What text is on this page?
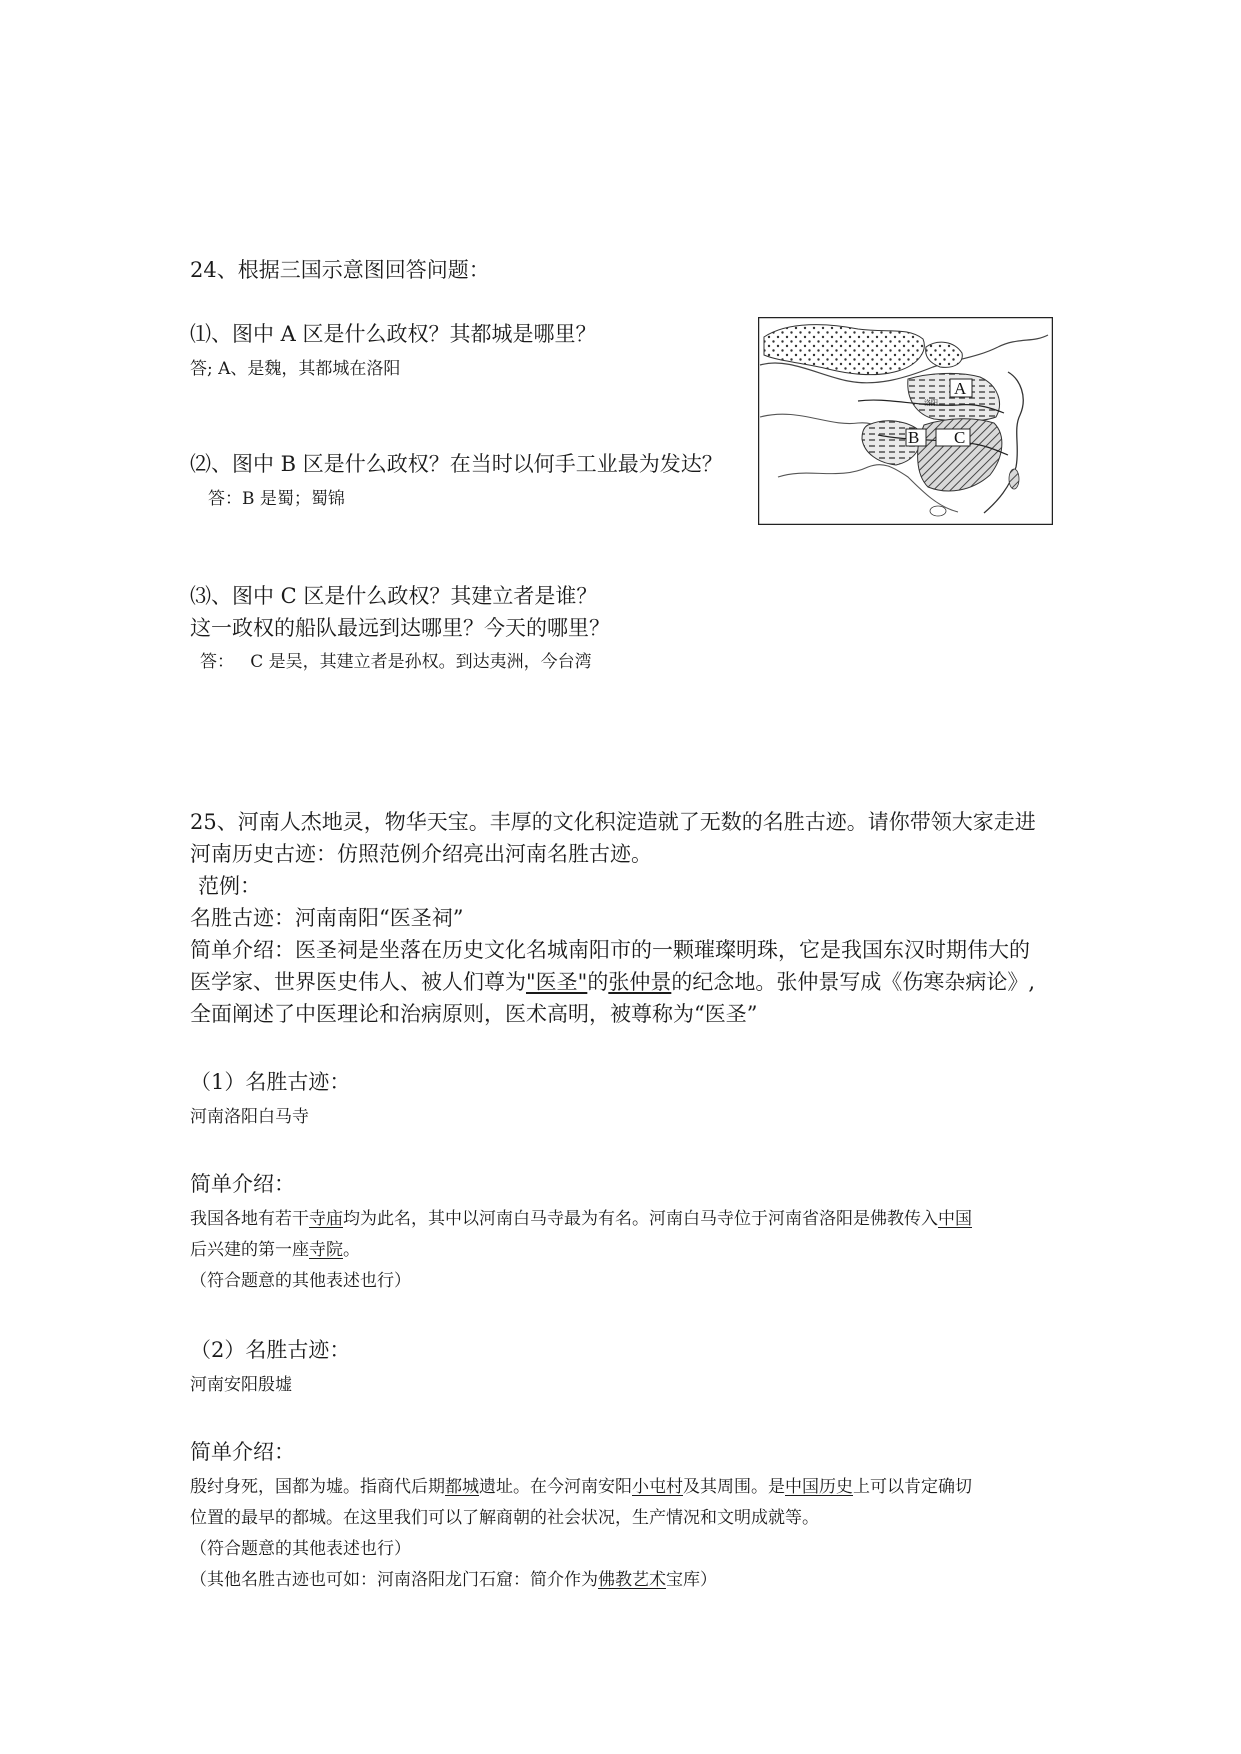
24、根据三国示意图回答问题：
⑴、图中 A 区是什么政权？其都城是哪里？
答; A、是魏，其都城在洛阳
⑵、图中 B 区是什么政权？在当时以何手工业最为发达？
答：B 是蜀；蜀锦
⑶、图中 C 区是什么政权？其建立者是谁？
这一政权的船队最远到达哪里？今天的哪里？
答：   C 是吴，其建立者是孙权。到达夷洲，今台湾
A
洛阳
B C
25、河南人杰地灵，物华天宝。丰厚的文化积淀造就了无数的名胜古迹。请你带领大家走进
河南历史古迹：仿照范例介绍亮出河南名胜古迹。
范例：
名胜古迹：河南南阳“医圣祠”
简单介绍：医圣祠是坐落在历史文化名城南阳市的一颗璀璨明珠，它是我国东汉时期伟大的
医学家、世界医史伟人、被人们尊为"医圣"的张仲景的纪念地。张仲景写成《伤寒杂病论》,
全面阐述了中医理论和治病原则，医术高明，被尊称为“医圣”
（1）名胜古迹：
河南洛阳白马寺
简单介绍：
我国各地有若干寺庙均为此名，其中以河南白马寺最为有名。河南白马寺位于河南省洛阳是佛教传入中国
后兴建的第一座寺院。
（符合题意的其他表述也行）
（2）名胜古迹：
河南安阳殷墟
简单介绍：
殷纣身死，国都为墟。指商代后期都城遗址。在今河南安阳小屯村及其周围。是中国历史上可以肯定确切
位置的最早的都城。在这里我们可以了解商朝的社会状况，生产情况和文明成就等。
（符合题意的其他表述也行）
（其他名胜古迹也可如：河南洛阳龙门石窟：简介作为佛教艺术宝库）
